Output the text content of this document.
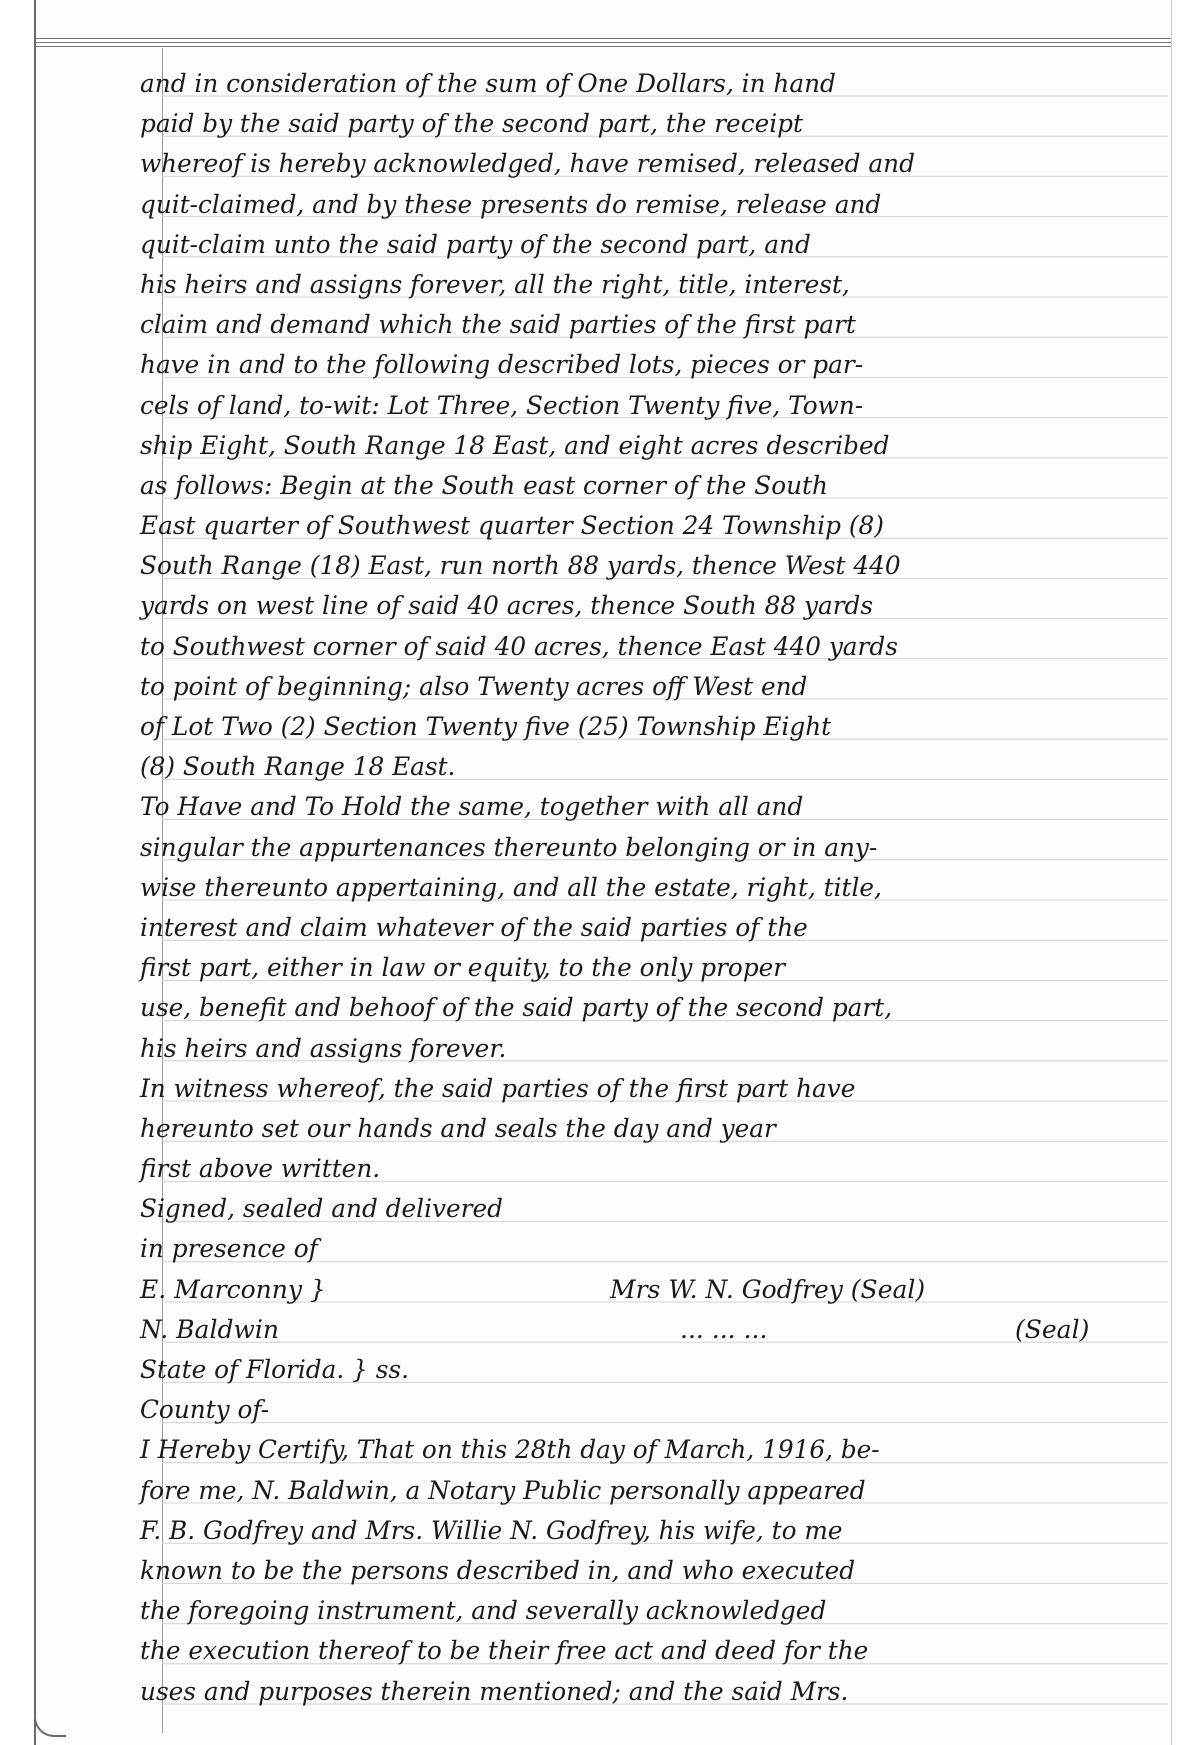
and in consideration of the sum of One Dollars, in hand
paid by the said party of the second part, the receipt
whereof is hereby acknowledged, have remised, released and
quit-claimed, and by these presents do remise, release and
quit-claim unto the said party of the second part, and
his heirs and assigns forever, all the right, title, interest,
claim and demand which the said parties of the first part
have in and to the following described lots, pieces or par-
cels of land, to-wit: Lot Three, Section Twenty five, Town-
ship Eight, South Range 18 East, and eight acres described
as follows: Begin at the South east corner of the South
East quarter of Southwest quarter Section 24 Township (8)
South Range (18) East, run north 88 yards, thence West 440
yards on west line of said 40 acres, thence South 88 yards
to Southwest corner of said 40 acres, thence East 440 yards
to point of beginning; also Twenty acres off West end
of Lot Two (2) Section Twenty five (25) Township Eight
(8) South Range 18 East.
To Have and To Hold the same, together with all and
singular the appurtenances thereunto belonging or in any-
wise thereunto appertaining, and all the estate, right, title,
interest and claim whatever of the said parties of the
first part, either in law or equity, to the only proper
use, benefit and behoof of the said party of the second part,
his heirs and assigns forever.
In witness whereof, the said parties of the first part have
hereunto set our hands and seals the day and year
first above written.
Signed, sealed and delivered
in presence of
E. Marconny }	Mrs W. N. Godfrey (Seal)
N. Baldwin	... ... ...	(Seal)
State of Florida. } ss.
County of-
I Hereby Certify, That on this 28th day of March, 1916, be-
fore me, N. Baldwin, a Notary Public personally appeared
F. B. Godfrey and Mrs. Willie N. Godfrey, his wife, to me
known to be the persons described in, and who executed
the foregoing instrument, and severally acknowledged
the execution thereof to be their free act and deed for the
uses and purposes therein mentioned; and the said Mrs.
